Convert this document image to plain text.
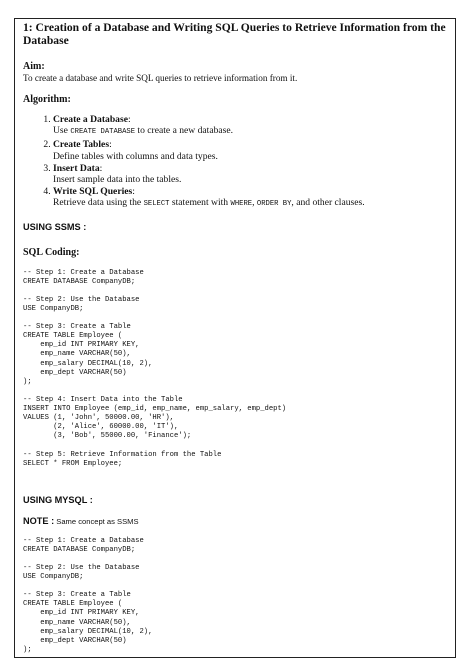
1: Creation of a Database and Writing SQL Queries to Retrieve Information from the Database

Aim:

To create a database and write SQL queries to retrieve information from it.

Algorithm:

1. Create a Database:
Use CREATE DATABASE to create a new database.
2. Create Tables:
Define tables with columns and data types.
3. Insert Data:
Insert sample data into the tables.
4. Write SQL Queries:
Retrieve data using the SELECT statement with WHERE, ORDER BY, and other clauses.

USING SSMS :

SQL Coding:

-- Step 1: Create a Database
CREATE DATABASE CompanyDB;

-- Step 2: Use the Database
USE CompanyDB;

-- Step 3: Create a Table
CREATE TABLE Employee (
emp_id INT PRIMARY KEY,
emp_name VARCHAR(50),
emp_salary DECIMAL(10, 2),
emp_dept VARCHAR(50)
);

-- Step 4: Insert Data into the Table
INSERT INTO Employee (emp_id, emp_name, emp_salary, emp_dept)
VALUES (1, 'John', 50000.00, 'HR'),
(2, 'Alice', 60000.00, 'IT'),
(3, 'Bob', 55000.00, 'Finance');

-- Step 5: Retrieve Information from the Table
SELECT * FROM Employee;

USING MYSQL :

NOTE : Same concept as SSMS

-- Step 1: Create a Database
CREATE DATABASE CompanyDB;

-- Step 2: Use the Database
USE CompanyDB;

-- Step 3: Create a Table
CREATE TABLE Employee (
emp_id INT PRIMARY KEY,
emp_name VARCHAR(50),
emp_salary DECIMAL(10, 2),
emp_dept VARCHAR(50)
);
